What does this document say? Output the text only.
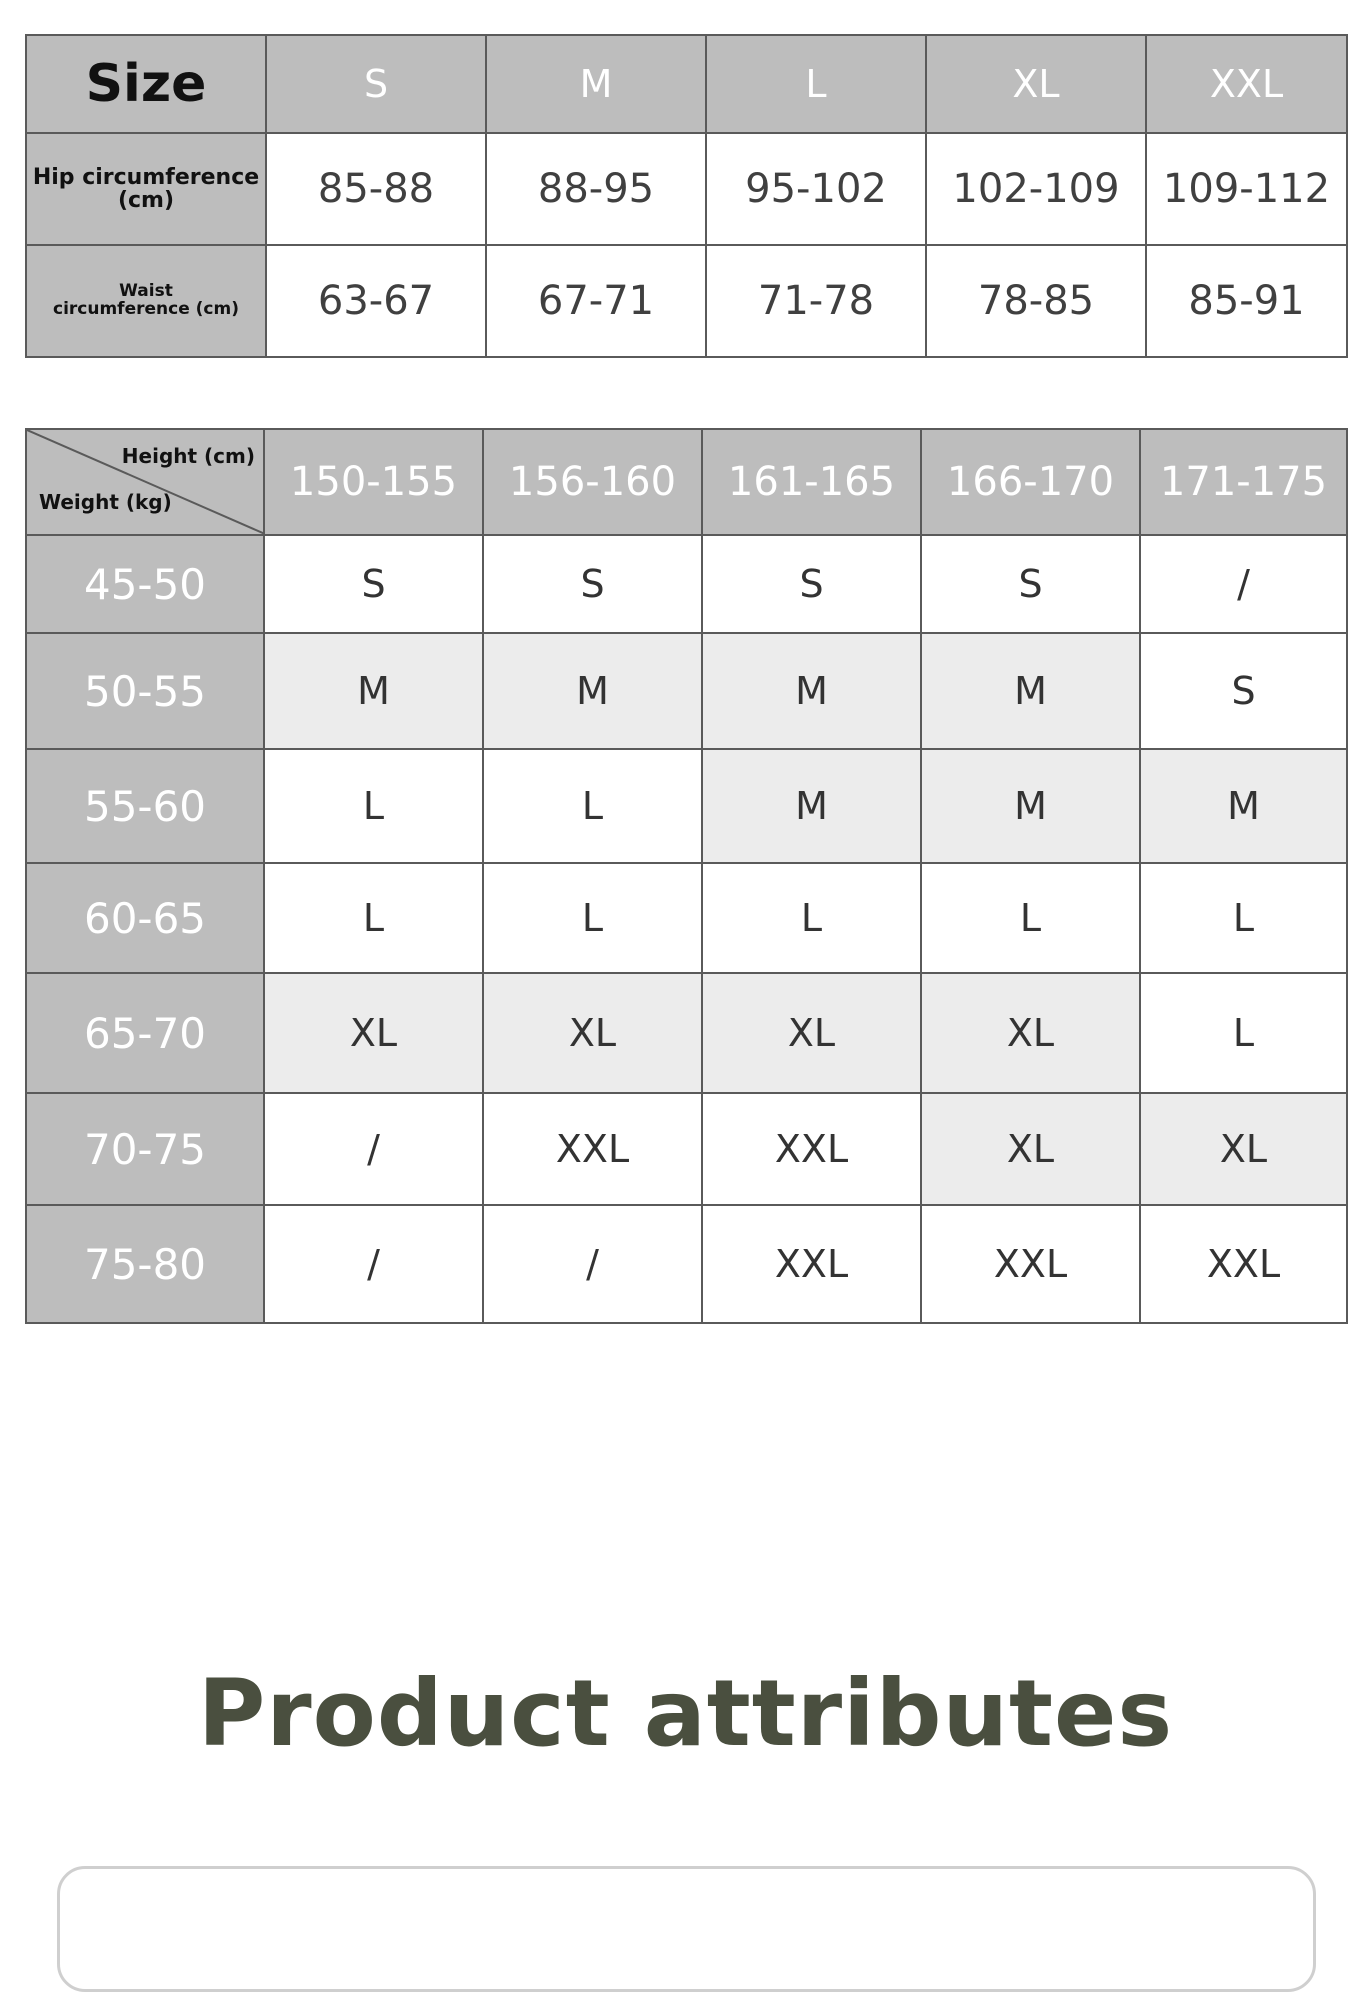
Size	S	M	L	XL	XXL
Hip circumference
(cm)	85-88	88-95	95-102	102-109	109-112
Waist
circumference (cm)	63-67	67-71	71-78	78-85	85-91
Height (cm)
Weight (kg)	150-155	156-160	161-165	166-170	171-175
45-50	S	S	S	S	/
50-55	M	M	M	M	S
55-60	L	L	M	M	M
60-65	L	L	L	L	L
65-70	XL	XL	XL	XL	L
70-75	/	XXL	XXL	XL	XL
75-80	/	/	XXL	XXL	XXL
Product attributes
